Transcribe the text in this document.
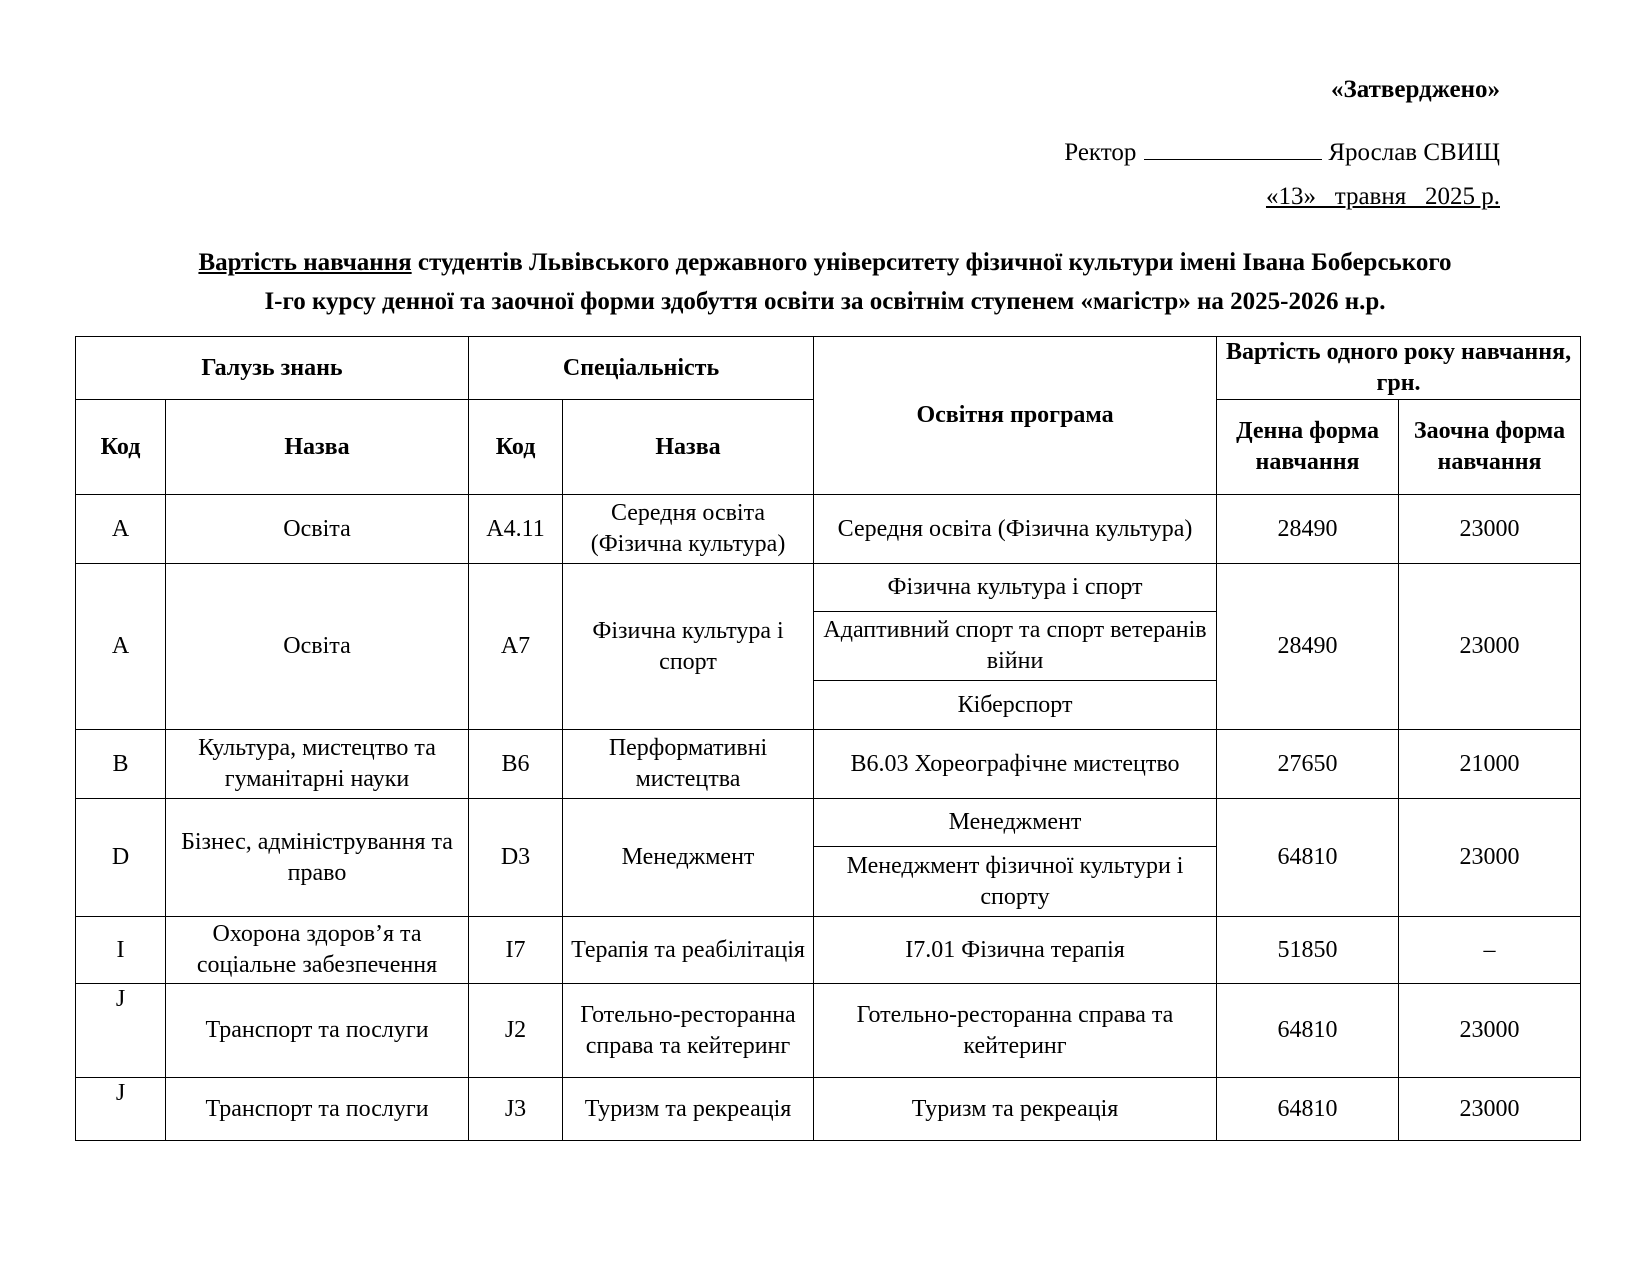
«Затверджено»
Ректор	Ярослав СВИЩ
«13»   травня   2025 р.
Вартість навчання студентів Львівського державного університету фізичної культури імені Івана Боберського
І-го курсу денної та заочної форми здобуття освіти за освітнім ступенем «магістр» на 2025-2026 н.р.
Галузь знань		Спеціальність		Освітня програма	Вартість одного року навчання, грн.	
Код	Назва	Код	Назва		Денна форма навчання	Заочна форма навчання
А	Освіта	А4.11	Середня освіта (Фізична культура)	Середня освіта (Фізична культура)	28490	23000
А	Освіта	А7	Фізична культура і спорт	Фізична культура і спорт	28490	23000
				Адаптивний спорт та спорт ветеранів війни		
				Кіберспорт		
В	Культура, мистецтво та гуманітарні науки	В6	Перформативні мистецтва	В6.03 Хореографічне мистецтво	27650	21000
D	Бізнес, адміністрування та право	D3	Менеджмент	Менеджмент	64810	23000
				Менеджмент фізичної культури і спорту		
I	Охорона здоров’я та соціальне забезпечення	I7	Терапія та реабілітація	I7.01 Фізична терапія	51850	–
J	Транспорт та послуги	J2	Готельно-ресторанна справа та кейтеринг	Готельно-ресторанна справа та кейтеринг	64810	23000
J	Транспорт та послуги	J3	Туризм та рекреація	Туризм та рекреація	64810	23000
